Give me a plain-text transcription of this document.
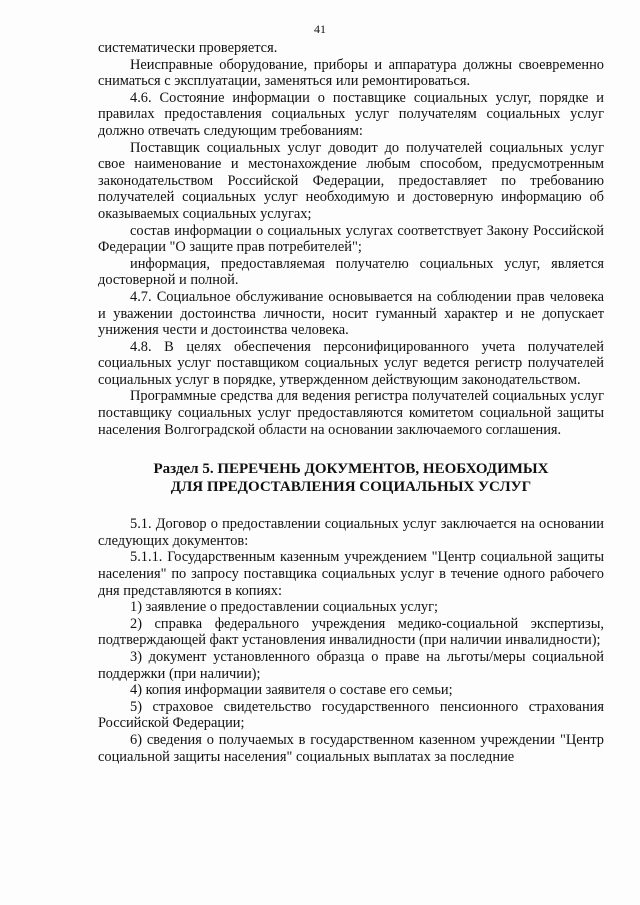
41

систематически проверяется.

Неисправные оборудование, приборы и аппаратура должны своевременно сниматься с эксплуатации, заменяться или ремонтироваться.

4.6. Состояние информации о поставщике социальных услуг, порядке и правилах предоставления социальных услуг получателям социальных услуг должно отвечать следующим требованиям:

Поставщик социальных услуг доводит до получателей социальных услуг свое наименование и местонахождение любым способом, предусмотренным законодательством Российской Федерации, предоставляет по требованию получателей социальных услуг необходимую и достоверную информацию об оказываемых социальных услугах;

состав информации о социальных услугах соответствует Закону Российской Федерации "О защите прав потребителей";

информация, предоставляемая получателю социальных услуг, является достоверной и полной.

4.7. Социальное обслуживание основывается на соблюдении прав человека и уважении достоинства личности, носит гуманный характер и не допускает унижения чести и достоинства человека.

4.8. В целях обеспечения персонифицированного учета получателей социальных услуг поставщиком социальных услуг ведется регистр получателей социальных услуг в порядке, утвержденном действующим законодательством.

Программные средства для ведения регистра получателей социальных услуг поставщику социальных услуг предоставляются комитетом социальной защиты населения Волгоградской области на основании заключаемого соглашения.

Раздел 5. ПЕРЕЧЕНЬ ДОКУМЕНТОВ, НЕОБХОДИМЫХ
ДЛЯ ПРЕДОСТАВЛЕНИЯ СОЦИАЛЬНЫХ УСЛУГ

5.1. Договор о предоставлении социальных услуг заключается на основании следующих документов:

5.1.1. Государственным казенным учреждением "Центр социальной защиты населения" по запросу поставщика социальных услуг в течение одного рабочего дня представляются в копиях:

1) заявление о предоставлении социальных услуг;

2) справка федерального учреждения медико-социальной экспертизы, подтверждающей факт установления инвалидности (при наличии инвалидности);

3) документ установленного образца о праве на льготы/меры социальной поддержки (при наличии);

4) копия информации заявителя о составе его семьи;

5) страховое свидетельство государственного пенсионного страхования Российской Федерации;

6) сведения о получаемых в государственном казенном учреждении "Центр социальной защиты населения" социальных выплатах за последние
